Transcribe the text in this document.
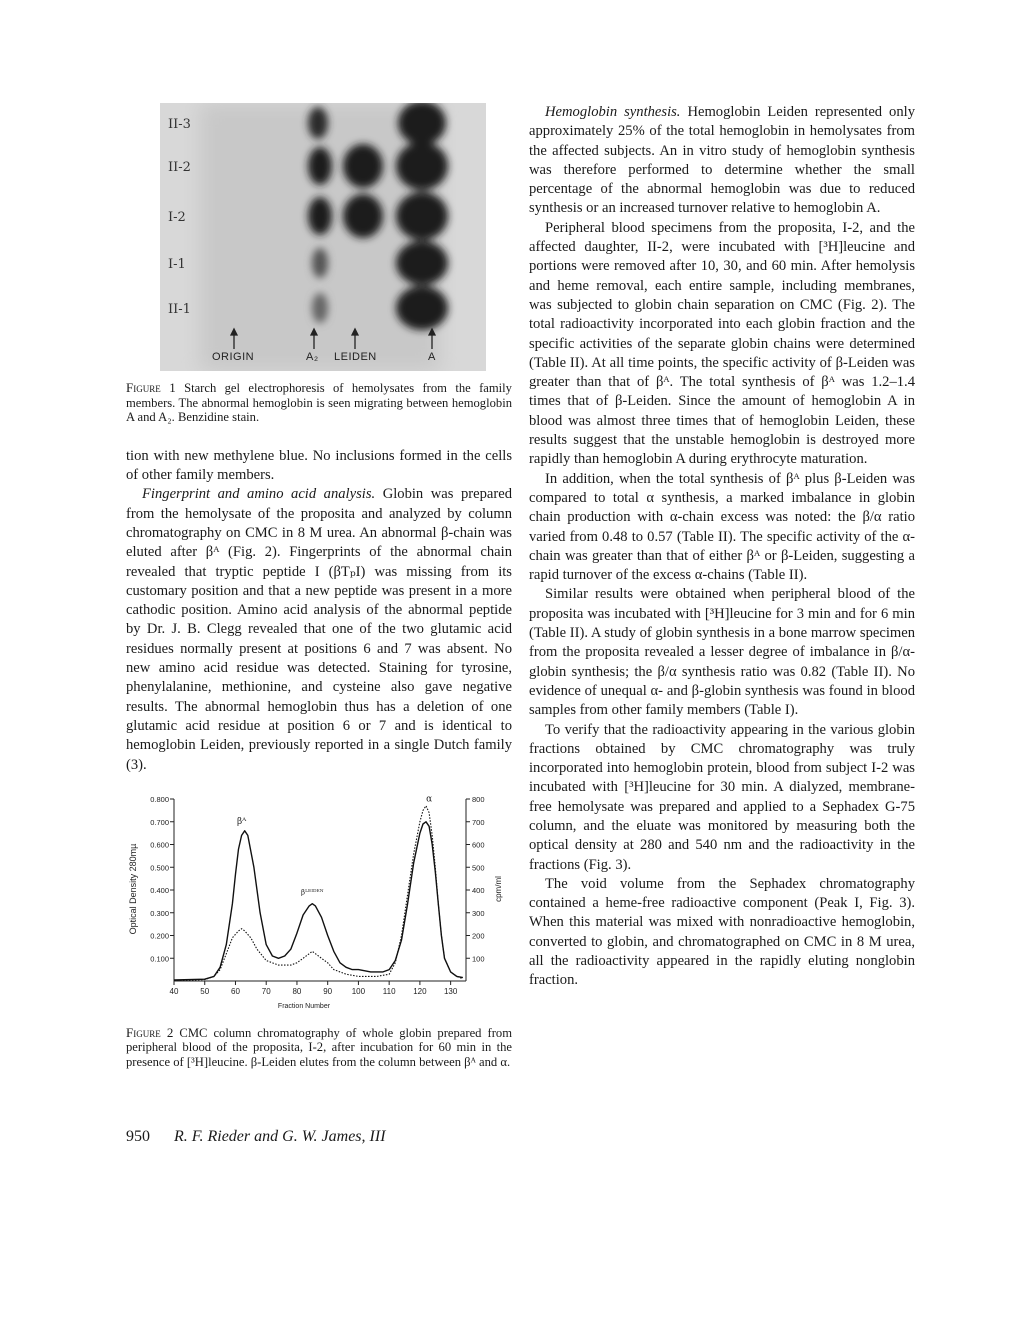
II-3
II-2
I-2
I-1
II-1
ORIGIN	A₂ LEIDEN	A
Figure 1 Starch gel electrophoresis of hemolysates from the family members. The abnormal hemoglobin is seen migrating between hemoglobin A and A₂. Benzidine stain.

tion with new methylene blue. No inclusions formed in the cells of other family members.

Fingerprint and amino acid analysis. Globin was prepared from the hemolysate of the proposita and analyzed by column chromatography on CMC in 8 M urea. An abnormal β-chain was eluted after βᴬ (Fig. 2). Fingerprints of the abnormal chain revealed that tryptic peptide I (βTₚI) was missing from its customary position and that a new peptide was present in a more cathodic position. Amino acid analysis of the abnormal peptide by Dr. J. B. Clegg revealed that one of the two glutamic acid residues normally present at positions 6 and 7 was absent. No new amino acid residue was detected. Staining for tyrosine, phenylalanine, methionine, and cysteine also gave negative results. The abnormal hemoglobin thus has a deletion of one glutamic acid residue at position 6 or 7 and is identical to hemoglobin Leiden, previously reported in a single Dutch family (3).

40	50	60	70	80	90 100 110 120 130
0.100
0.200
0.300
0.400
0.500
0.600
0.700
0.800
100
200
300
400
500
600
700
800
βᴬ
βᴸᴱᴵᴰᴱᴺ
α
Fraction Number
Optical Density 280mµ	cpm/ml
Figure 2 CMC column chromatography of whole globin prepared from peripheral blood of the proposita, I-2, after incubation for 60 min in the presence of [³H]leucine. β-Leiden elutes from the column between βᴬ and α.

Hemoglobin synthesis. Hemoglobin Leiden represented only approximately 25% of the total hemoglobin in hemolysates from the affected subjects. An in vitro study of hemoglobin synthesis was therefore performed to determine whether the small percentage of the abnormal hemoglobin was due to reduced synthesis or an increased turnover relative to hemoglobin A.

Peripheral blood specimens from the proposita, I-2, and the affected daughter, II-2, were incubated with [³H]leucine and portions were removed after 10, 30, and 60 min. After hemolysis and heme removal, each entire sample, including membranes, was subjected to globin chain separation on CMC (Fig. 2). The total radioactivity incorporated into each globin fraction and the specific activities of the separate globin chains were determined (Table II). At all time points, the specific activity of β-Leiden was greater than that of βᴬ. The total synthesis of βᴬ was 1.2–1.4 times that of β-Leiden. Since the amount of hemoglobin A in blood was almost three times that of hemoglobin Leiden, these results suggest that the unstable hemoglobin is destroyed more rapidly than hemoglobin A during erythrocyte maturation.

In addition, when the total synthesis of βᴬ plus β-Leiden was compared to total α synthesis, a marked imbalance in globin chain production with α-chain excess was noted: the β/α ratio varied from 0.48 to 0.57 (Table II). The specific activity of the α-chain was greater than that of either βᴬ or β-Leiden, suggesting a rapid turnover of the excess α-chains (Table II).

Similar results were obtained when peripheral blood of the proposita was incubated with [³H]leucine for 3 min and for 6 min (Table II). A study of globin synthesis in a bone marrow specimen from the proposita revealed a lesser degree of imbalance in β/α-globin synthesis; the β/α synthesis ratio was 0.82 (Table II). No evidence of unequal α- and β-globin synthesis was found in blood samples from other family members (Table I).

To verify that the radioactivity appearing in the various globin fractions obtained by CMC chromatography was truly incorporated into hemoglobin protein, blood from subject I-2 was incubated with [³H]leucine for 30 min. A dialyzed, membrane-free hemolysate was prepared and applied to a Sephadex G-75 column, and the eluate was monitored by measuring both the optical density at 280 and 540 nm and the radioactivity in the fractions (Fig. 3).

The void volume from the Sephadex chromatography contained a heme-free radioactive component (Peak I, Fig. 3). When this material was mixed with nonradioactive hemoglobin, converted to globin, and chromatographed on CMC in 8 M urea, all the radioactivity appeared in the rapidly eluting nonglobin fraction.

950 R. F. Rieder and G. W. James, III
